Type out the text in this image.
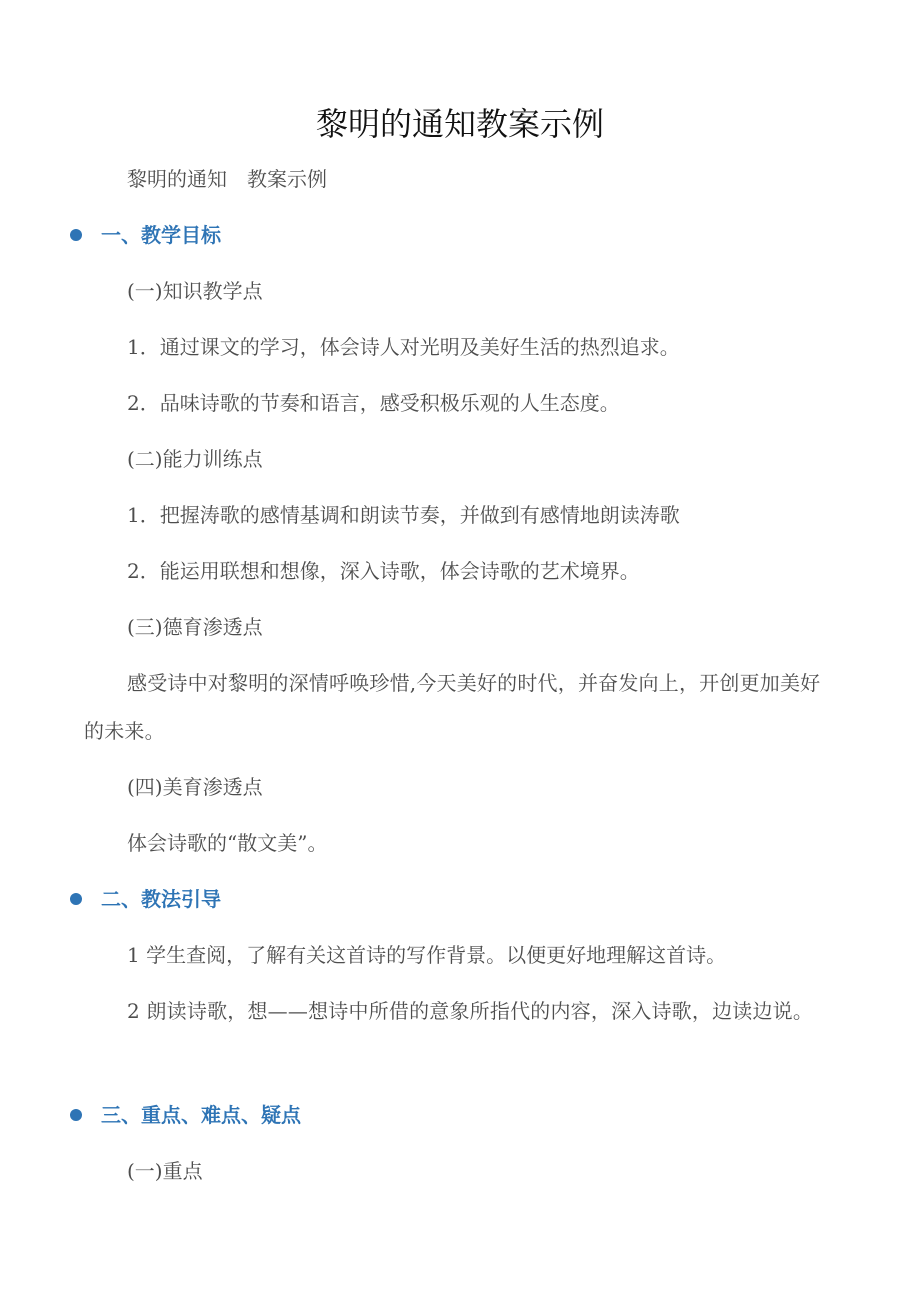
黎明的通知教案示例
黎明的通知　教案示例
一、教学目标
(一)知识教学点
1．通过课文的学习，体会诗人对光明及美好生活的热烈追求。
2．品味诗歌的节奏和语言，感受积极乐观的人生态度。
(二)能力训练点
1．把握涛歌的感情基调和朗读节奏，并做到有感情地朗读涛歌
2．能运用联想和想像，深入诗歌，体会诗歌的艺术境界。
(三)德育渗透点
感受诗中对黎明的深情呼唤珍惜,今天美好的时代，并奋发向上，开创更加美好的未来。
(四)美育渗透点
体会诗歌的“散文美”。
二、教法引导
1 学生查阅，了解有关这首诗的写作背景。以便更好地理解这首诗。
2 朗读诗歌，想——想诗中所借的意象所指代的内容，深入诗歌，边读边说。
三、重点、难点、疑点
(一)重点
